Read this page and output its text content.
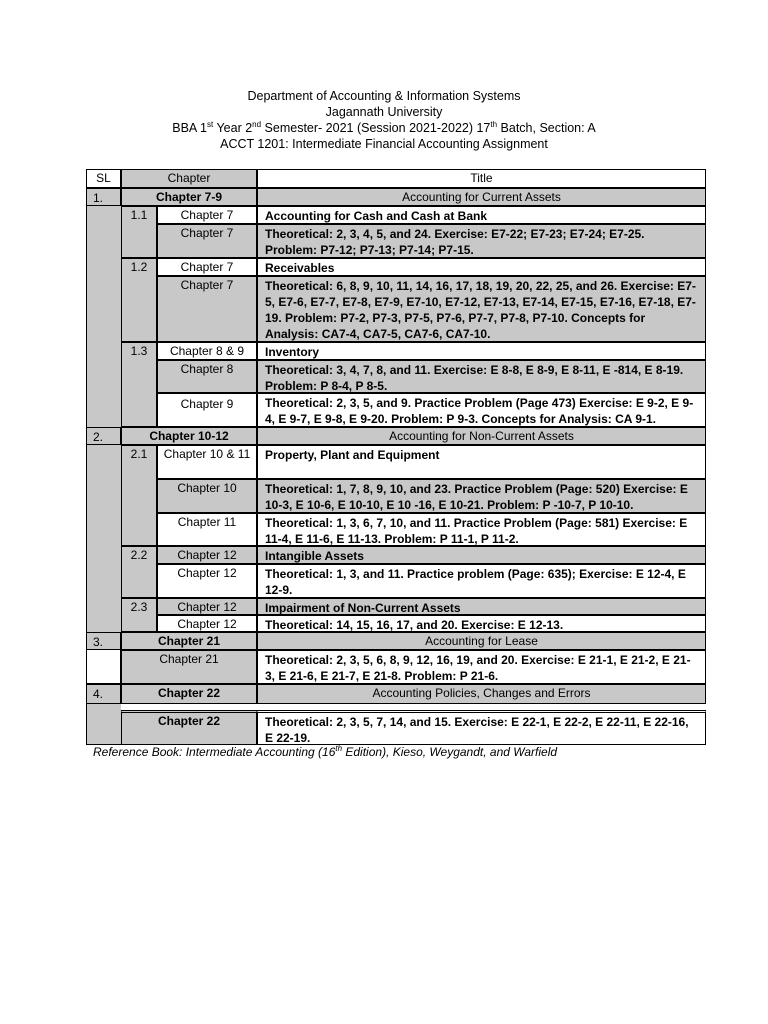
Department of Accounting & Information Systems
Jagannath University
BBA 1st Year 2nd Semester- 2021 (Session 2021-2022) 17th Batch, Section: A
ACCT 1201: Intermediate Financial Accounting Assignment
SL	Chapter	Title
1.	Chapter 7-9	Accounting for Current Assets
1.1	Chapter 7	Accounting for Cash and Cash at Bank
Chapter 7	Theoretical: 2, 3, 4, 5, and 24. Exercise: E7-22; E7-23; E7-24; E7-25. Problem: P7-12; P7-13; P7-14; P7-15.
1.2	Chapter 7	Receivables
Chapter 7	Theoretical: 6, 8, 9, 10, 11, 14, 16, 17, 18, 19, 20, 22, 25, and 26. Exercise: E7-5, E7-6, E7-7, E7-8, E7-9, E7-10, E7-12, E7-13, E7-14, E7-15, E7-16, E7-18, E7-19. Problem: P7-2, P7-3, P7-5, P7-6, P7-7, P7-8, P7-10. Concepts for Analysis: CA7-4, CA7-5, CA7-6, CA7-10.
1.3	Chapter 8 & 9	Inventory
Chapter 8	Theoretical: 3, 4, 7, 8, and 11. Exercise: E 8-8, E 8-9, E 8-11, E -814, E 8-19. Problem: P 8-4, P 8-5.
Chapter 9	Theoretical: 2, 3, 5, and 9. Practice Problem (Page 473) Exercise: E 9-2, E 9-4, E 9-7, E 9-8, E 9-20. Problem: P 9-3. Concepts for Analysis: CA 9-1.
2.	Chapter 10-12	Accounting for Non-Current Assets
2.1	Chapter 10 & 11	Property, Plant and Equipment
Chapter 10	Theoretical: 1, 7, 8, 9, 10, and 23. Practice Problem (Page: 520) Exercise: E 10-3, E 10-6, E 10-10, E 10 -16, E 10-21. Problem: P -10-7, P 10-10.
Chapter 11	Theoretical: 1, 3, 6, 7, 10, and 11. Practice Problem (Page: 581) Exercise: E 11-4, E 11-6, E 11-13. Problem: P 11-1, P 11-2.
2.2	Chapter 12	Intangible Assets
Chapter 12	Theoretical: 1, 3, and 11. Practice problem (Page: 635); Exercise: E 12-4, E 12-9.
2.3	Chapter 12	Impairment of Non-Current Assets
Chapter 12	Theoretical: 14, 15, 16, 17, and 20. Exercise: E 12-13.
3.	Chapter 21	Accounting for Lease
Chapter 21	Theoretical: 2, 3, 5, 6, 8, 9, 12, 16, 19, and 20. Exercise: E 21-1, E 21-2, E 21-3, E 21-6, E 21-7, E 21-8. Problem: P 21-6.
4.	Chapter 22	Accounting Policies, Changes and Errors
Chapter 22	Theoretical: 2, 3, 5, 7, 14, and 15. Exercise: E 22-1, E 22-2, E 22-11, E 22-16, E 22-19.
Reference Book: Intermediate Accounting (16th Edition), Kieso, Weygandt, and Warfield
